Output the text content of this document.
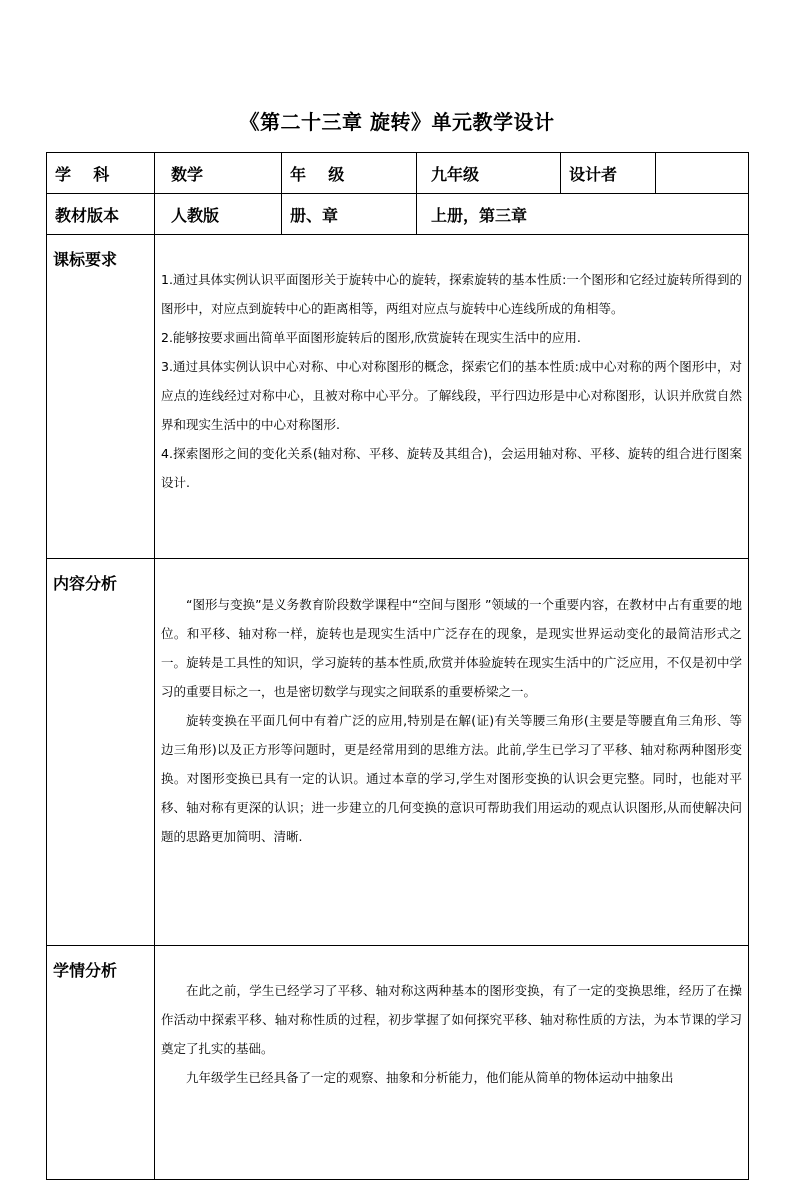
《第二十三章 旋转》单元教学设计
学    科	数学	年    级	九年级	设计者	

教材版本	人教版	册、章	上册，第三章		

课标要求	1.通过具体实例认识平面图形关于旋转中心的旋转，探索旋转的基本性质:一个图形和它经过旋转所得到的图形中，对应点到旋转中心的距离相等，两组对应点与旋转中心连线所成的角相等。

2.能够按要求画出简单平面图形旋转后的图形,欣赏旋转在现实生活中的应用.

3.通过具体实例认识中心对称、中心对称图形的概念，探索它们的基本性质:成中心对称的两个图形中，对应点的连线经过对称中心，且被对称中心平分。了解线段，平行四边形是中心对称图形，认识并欣赏自然界和现实生活中的中心对称图形.

4.探索图形之间的变化关系(轴对称、平移、旋转及其组合)，会运用轴对称、平移、旋转的组合进行图案设计.				

内容分析	“图形与变换”是义务教育阶段数学课程中“空间与图形 ”领域的一个重要内容，在教材中占有重要的地位。和平移、轴对称一样，旋转也是现实生活中广泛存在的现象，是现实世界运动变化的最简洁形式之一。旋转是工具性的知识，学习旋转的基本性质,欣赏并体验旋转在现实生活中的广泛应用，不仅是初中学习的重要目标之一，也是密切数学与现实之间联系的重要桥梁之一。

旋转变换在平面几何中有着广泛的应用,特别是在解(证)有关等腰三角形(主要是等腰直角三角形、等边三角形)以及正方形等问题时，更是经常用到的思维方法。此前,学生已学习了平移、轴对称两种图形变换。对图形变换已具有一定的认识。通过本章的学习,学生对图形变换的认识会更完整。同时，也能对平移、轴对称有更深的认识；进一步建立的几何变换的意识可帮助我们用运动的观点认识图形,从而使解决问题的思路更加简明、清晰.				

学情分析	在此之前，学生已经学习了平移、轴对称这两种基本的图形变换，有了一定的变换思维，经历了在操作活动中探索平移、轴对称性质的过程，初步掌握了如何探究平移、轴对称性质的方法，为本节课的学习奠定了扎实的基础。

九年级学生已经具备了一定的观察、抽象和分析能力，他们能从简单的物体运动中抽象出				
